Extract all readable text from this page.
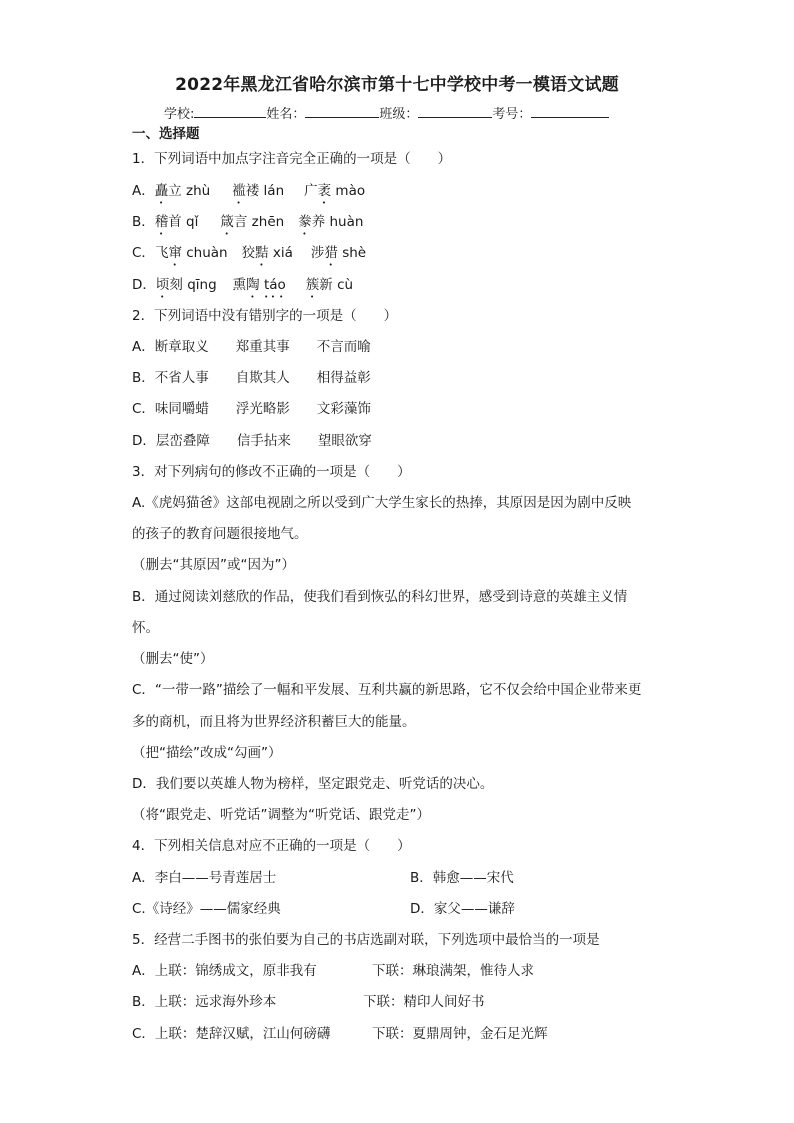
2022年黑龙江省哈尔滨市第十七中学校中考一模语文试题
学校:	姓名：	班级：	考号：
一、选择题
1．下列词语中加点字注音完全正确的一项是（　　）
A．矗立 zhù 褴褛 lán 广袤 mào
B．稽首 qǐ 箴言 zhēn 豢养 huàn
C．飞窜 chuàn 狡黠 xiá 涉猎 shè
D．顷刻 qīng 熏陶 táo 簇新 cù
2．下列词语中没有错别字的一项是（　　）
A．断章取义　　郑重其事　　不言而喻
B．不省人事　　自欺其人　　相得益彰
C．味同嚼蜡　　浮光略影　　文彩藻饰
D．层峦叠障　　信手拈来　　望眼欲穿
3．对下列病句的修改不正确的一项是（　　）
A.《虎妈猫爸》这部电视剧之所以受到广大学生家长的热捧，其原因是因为剧中反映
的孩子的教育问题很接地气。
（删去“其原因”或“因为”）
B．通过阅读刘慈欣的作品，使我们看到恢弘的科幻世界，感受到诗意的英雄主义情
怀。
（删去“使”）
C．“一带一路”描绘了一幅和平发展、互利共赢的新思路，它不仅会给中国企业带来更
多的商机，而且将为世界经济积蓄巨大的能量。
（把“描绘”改成“勾画”）
D．我们要以英雄人物为榜样，坚定跟党走、听党话的决心。
（将“跟党走、听党话”调整为“听党话、跟党走”）
4．下列相关信息对应不正确的一项是（　　）
A．李白——号青莲居士	B．韩愈——宋代
C.《诗经》——儒家经典	D．家父——谦辞
5．经营二手图书的张伯要为自己的书店选副对联，下列选项中最恰当的一项是
A．上联：锦绣成文，原非我有	下联：琳琅满架，惟待人求
B．上联：远求海外珍本	下联：精印人间好书
C．上联：楚辞汉赋，江山何磅礴	下联：夏鼎周钟，金石足光辉
